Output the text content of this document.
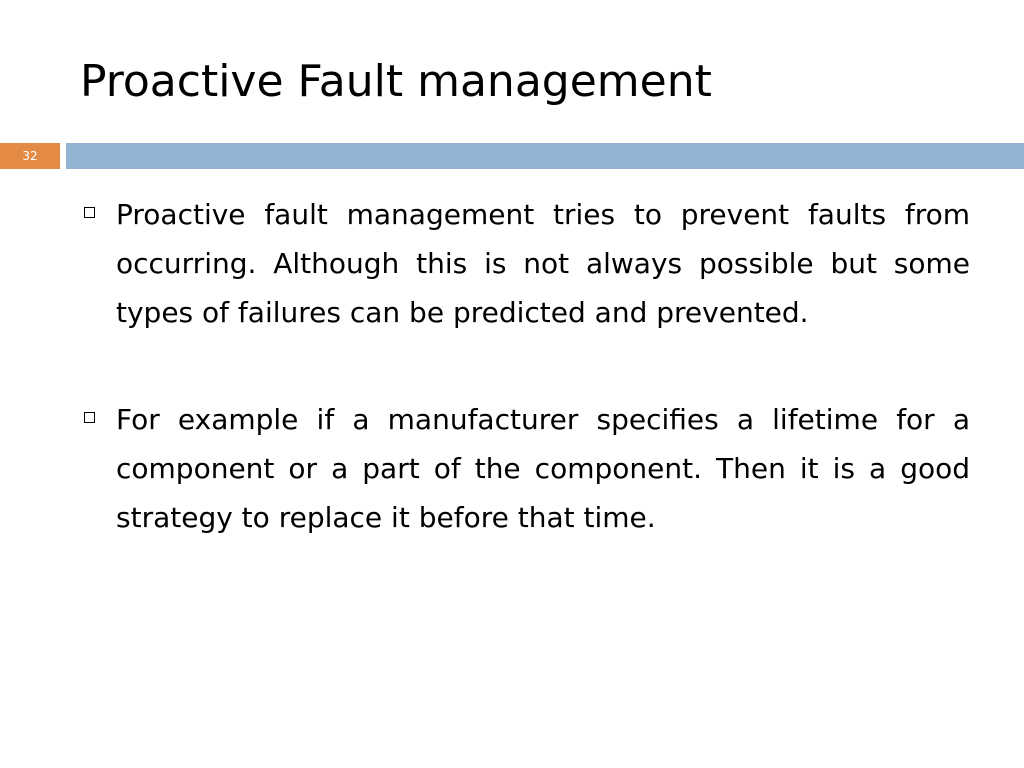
Proactive Fault management
32
Proactive fault management tries to prevent faults from occurring. Although this is not always possible but some types of failures can be predicted and prevented.
For example if a manufacturer specifies a lifetime for a component or a part of the component. Then it is a good strategy to replace it before that time.
